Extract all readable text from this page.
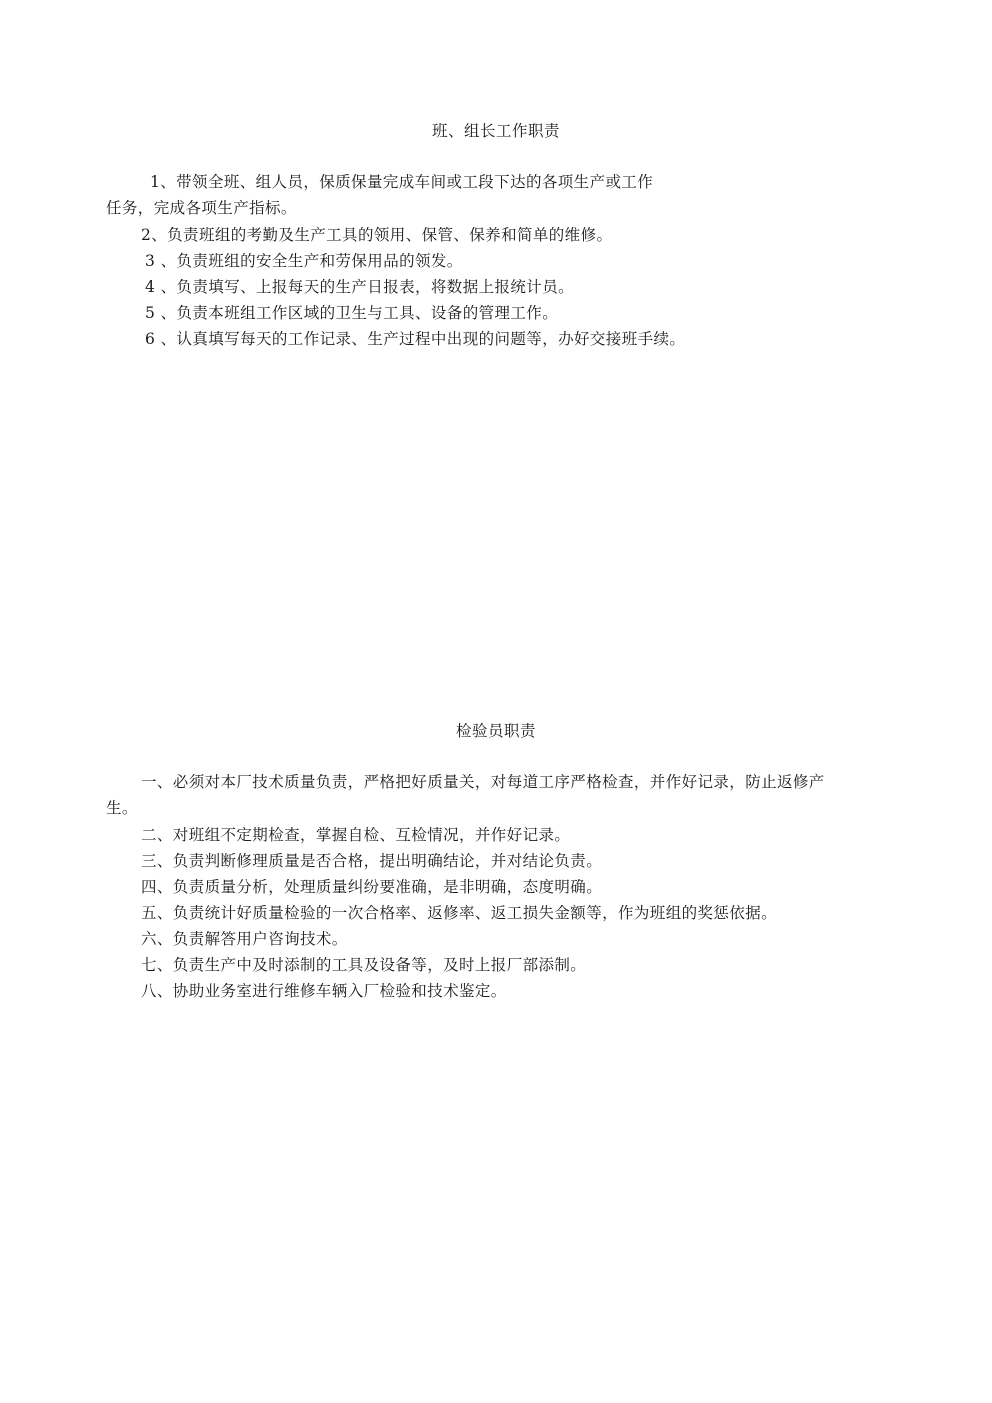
班、组长工作职责
1、带领全班、组人员，保质保量完成车间或工段下达的各项生产或工作
任务，完成各项生产指标。
2、负责班组的考勤及生产工具的领用、保管、保养和简单的维修。
3 、负责班组的安全生产和劳保用品的领发。
4 、负责填写、上报每天的生产日报表，将数据上报统计员。
5 、负责本班组工作区域的卫生与工具、设备的管理工作。
6 、认真填写每天的工作记录、生产过程中出现的问题等，办好交接班手续。
检验员职责
一、必须对本厂技术质量负责，严格把好质量关，对每道工序严格检查，并作好记录，防止返修产
生。
二、对班组不定期检查，掌握自检、互检情况，并作好记录。
三、负责判断修理质量是否合格，提出明确结论，并对结论负责。
四、负责质量分析，处理质量纠纷要准确，是非明确，态度明确。
五、负责统计好质量检验的一次合格率、返修率、返工损失金额等，作为班组的奖惩依据。
六、负责解答用户咨询技术。
七、负责生产中及时添制的工具及设备等，及时上报厂部添制。
八、协助业务室进行维修车辆入厂检验和技术鉴定。
